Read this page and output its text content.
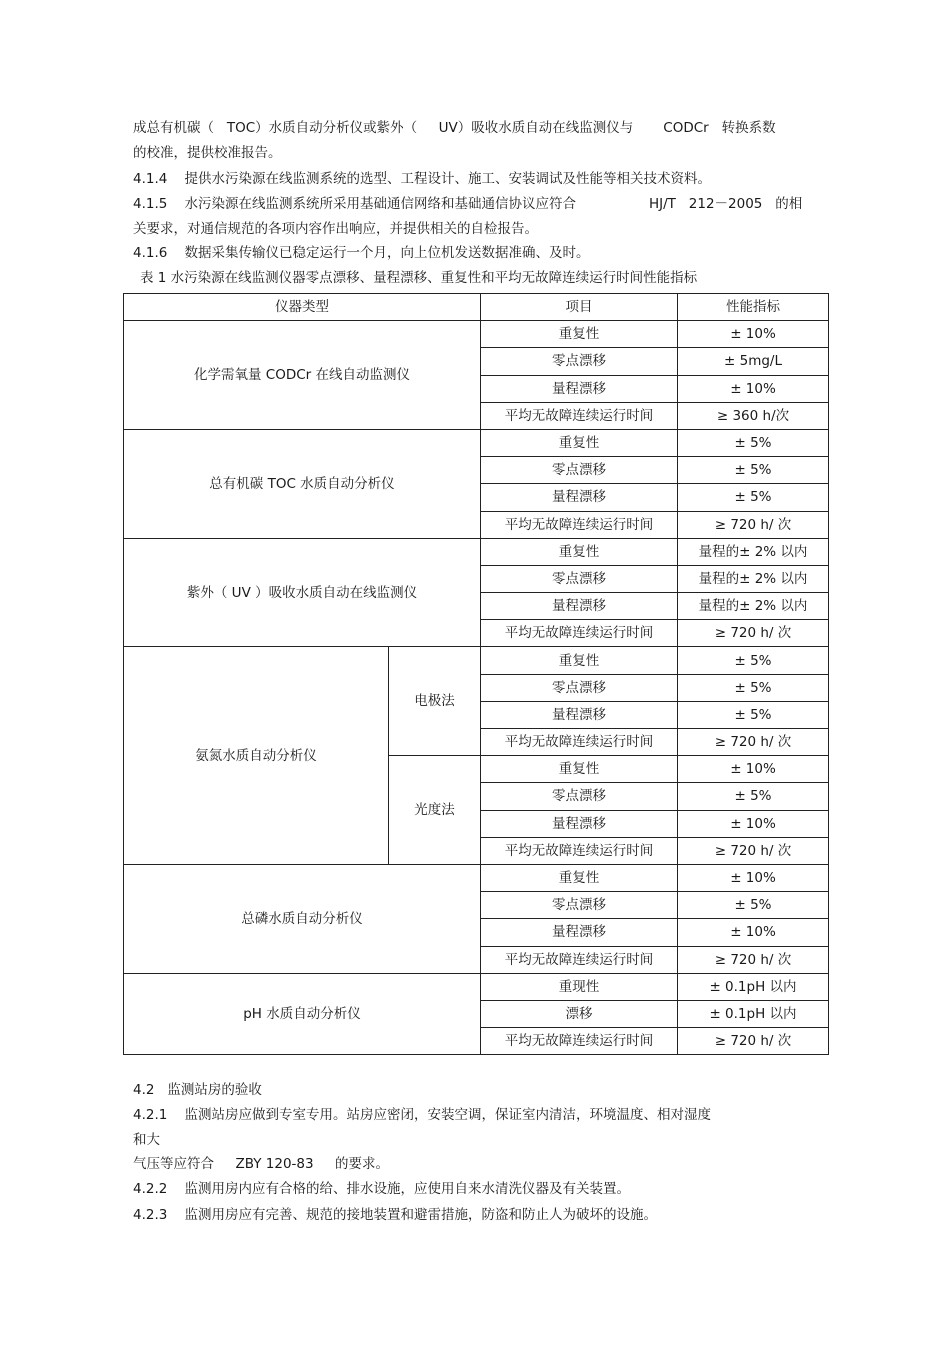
成总有机碳（   TOC）水质自动分析仪或紫外（     UV）吸收水质自动在线监测仪与       CODCr   转换系数
的校准，提供校准报告。
4.1.4    提供水污染源在线监测系统的选型、工程设计、施工、安装调试及性能等相关技术资料。
4.1.5    水污染源在线监测系统所采用基础通信网络和基础通信协议应符合                 HJ/T   212－2005   的相
关要求，对通信规范的各项内容作出响应，并提供相关的自检报告。
4.1.6    数据采集传输仪已稳定运行一个月，向上位机发送数据准确、及时。
表 1 水污染源在线监测仪器零点漂移、量程漂移、重复性和平均无故障连续运行时间性能指标
仪器类型		项目	性能指标
化学需氧量 CODCr 在线自动监测仪		重复性	± 10%
		零点漂移	± 5mg/L
		量程漂移	± 10%
		平均无故障连续运行时间	≥ 360 h/次
总有机碳 TOC 水质自动分析仪		重复性	± 5%
		零点漂移	± 5%
		量程漂移	± 5%
		平均无故障连续运行时间	≥ 720 h/ 次
紫外（ UV ）吸收水质自动在线监测仪		重复性	量程的± 2% 以内
		零点漂移	量程的± 2% 以内
		量程漂移	量程的± 2% 以内
		平均无故障连续运行时间	≥ 720 h/ 次
氨氮水质自动分析仪	电极法	重复性	± 5%
		零点漂移	± 5%
		量程漂移	± 5%
		平均无故障连续运行时间	≥ 720 h/ 次
	光度法	重复性	± 10%
		零点漂移	± 5%
		量程漂移	± 10%
		平均无故障连续运行时间	≥ 720 h/ 次
总磷水质自动分析仪		重复性	± 10%
		零点漂移	± 5%
		量程漂移	± 10%
		平均无故障连续运行时间	≥ 720 h/ 次
pH 水质自动分析仪		重现性	± 0.1pH 以内
		漂移	± 0.1pH 以内
		平均无故障连续运行时间	≥ 720 h/ 次
4.2   监测站房的验收
4.2.1    监测站房应做到专室专用。站房应密闭，安装空调，保证室内清洁，环境温度、相对湿度
和大
气压等应符合     ZBY 120-83     的要求。
4.2.2    监测用房内应有合格的给、排水设施，应使用自来水清洗仪器及有关装置。
4.2.3    监测用房应有完善、规范的接地装置和避雷措施，防盗和防止人为破坏的设施。
